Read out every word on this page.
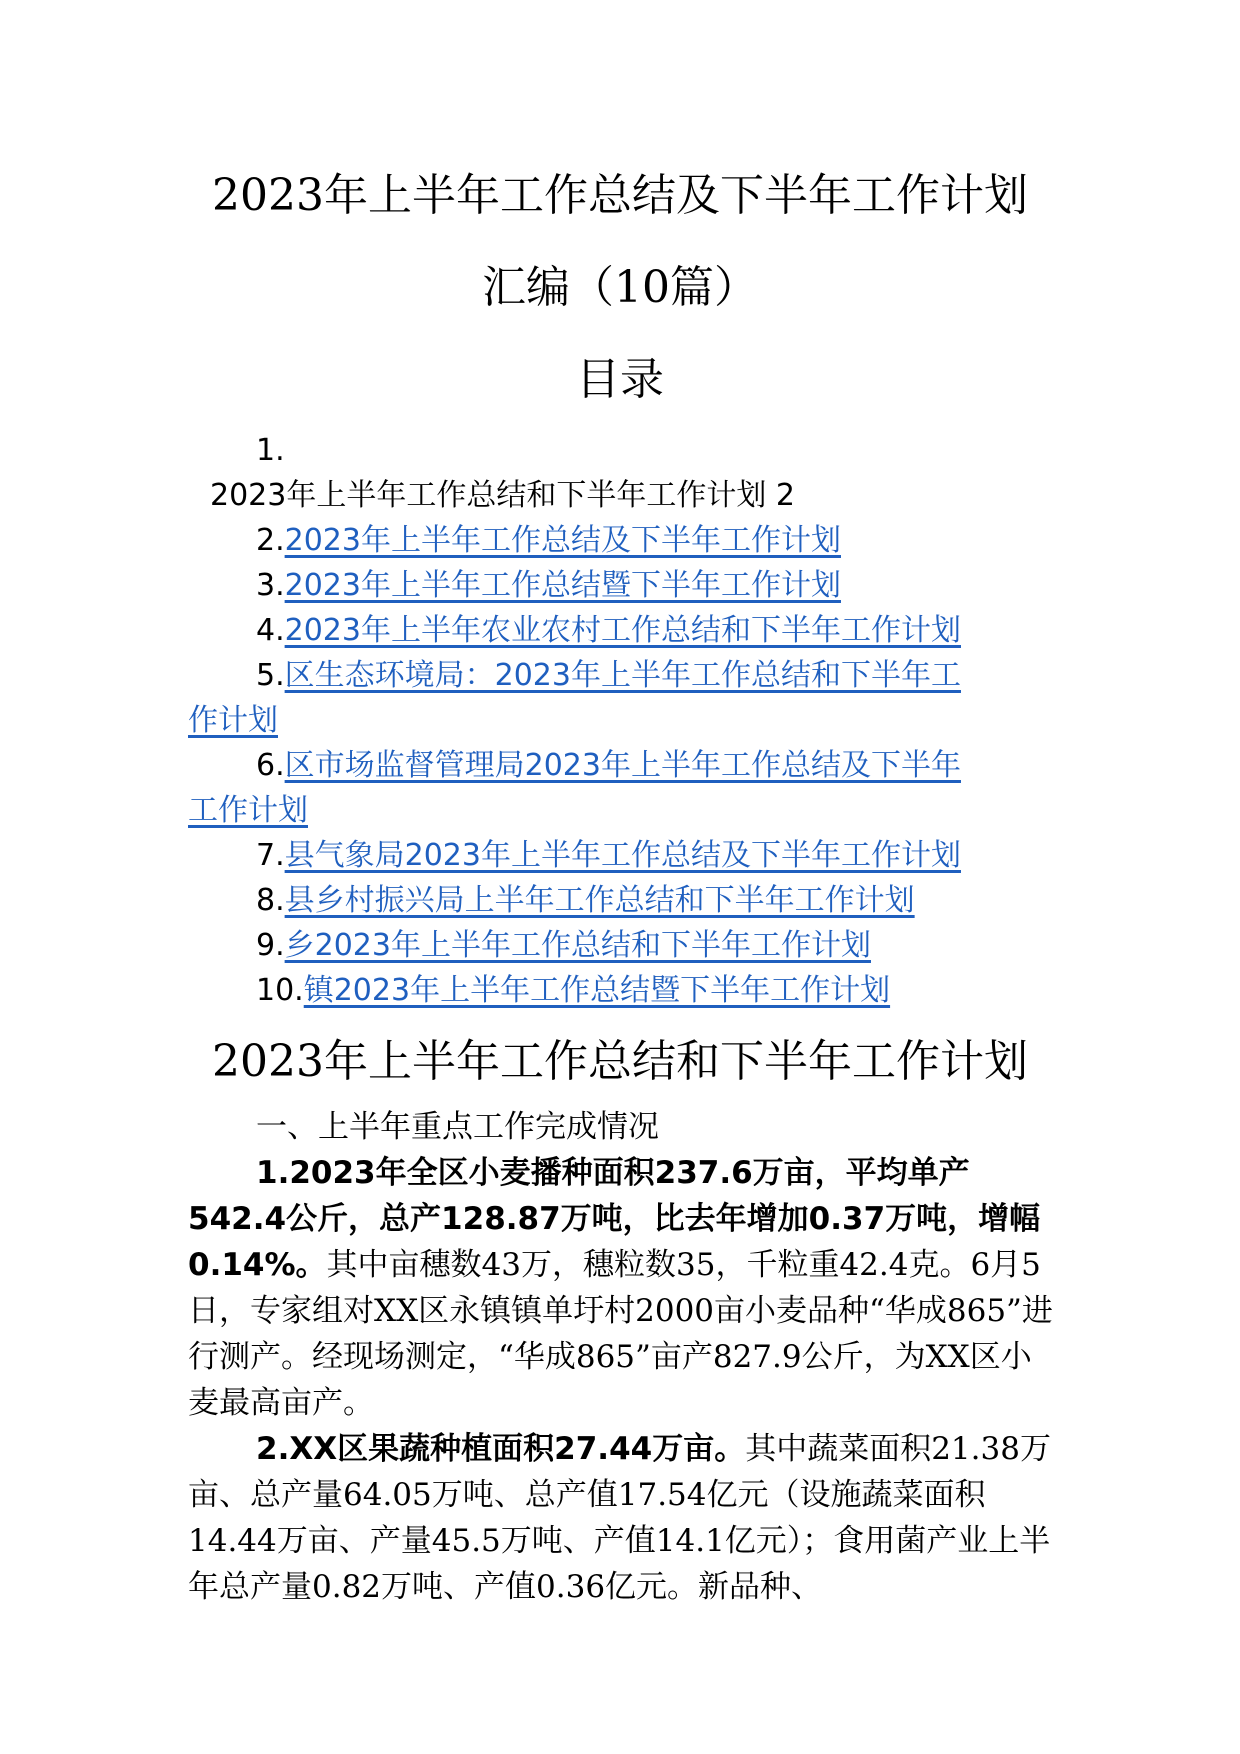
2023年上半年工作总结及下半年工作计划
汇编（10篇）
目录
1.
2023年上半年工作总结和下半年工作计划 2
2.2023年上半年工作总结及下半年工作计划
3.2023年上半年工作总结暨下半年工作计划
4.2023年上半年农业农村工作总结和下半年工作计划
5.区生态环境局：2023年上半年工作总结和下半年工
作计划
6.区市场监督管理局2023年上半年工作总结及下半年
工作计划
7.县气象局2023年上半年工作总结及下半年工作计划
8.县乡村振兴局上半年工作总结和下半年工作计划
9.乡2023年上半年工作总结和下半年工作计划
10.镇2023年上半年工作总结暨下半年工作计划
2023年上半年工作总结和下半年工作计划

一、上半年重点工作完成情况

1.2023年全区小麦播种面积237.6万亩，平均单产542.4公斤，总产128.87万吨，比去年增加0.37万吨，增幅0.14%。其中亩穗数43万，穗粒数35，千粒重42.4克。6月5日，专家组对XX区永镇镇单圩村2000亩小麦品种“华成865”进行测产。经现场测定，“华成865”亩产827.9公斤，为XX区小麦最高亩产。

2.XX区果蔬种植面积27.44万亩。其中蔬菜面积21.38万亩、总产量64.05万吨、总产值17.54亿元（设施蔬菜面积14.44万亩、产量45.5万吨、产值14.1亿元）；食用菌产业上半年总产量0.82万吨、产值0.36亿元。新品种、
